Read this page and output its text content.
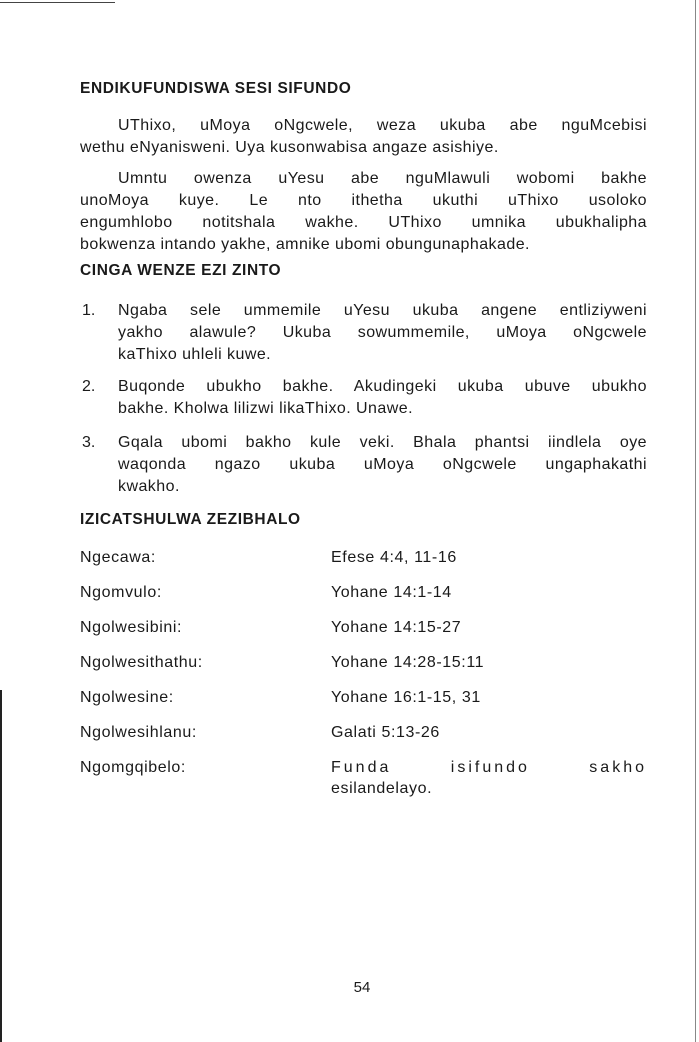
ENDIKUFUNDISWA SESI SIFUNDO
UThixo, uMoya oNgcwele, weza ukuba abe nguMcebisi
wethu eNyanisweni. Uya kusonwabisa angaze asishiye.
Umntu owenza uYesu abe nguMlawuli wobomi bakhe
unoMoya kuye. Le nto ithetha ukuthi uThixo usoloko
engumhlobo notitshala wakhe. UThixo umnika ubukhalipha
bokwenza intando yakhe, amnike ubomi obungunaphakade.
CINGA WENZE EZI ZINTO
1. Ngaba sele ummemile uYesu ukuba angene entliziyweni
yakho alawule? Ukuba sowummemile, uMoya oNgcwele
kaThixo uhleli kuwe.
2. Buqonde ubukho bakhe. Akudingeki ukuba ubuve ubukho
bakhe. Kholwa lilizwi likaThixo. Unawe.
3. Gqala ubomi bakho kule veki. Bhala phantsi iindlela oye
waqonda ngazo ukuba uMoya oNgcwele ungaphakathi
kwakho.
IZICATSHULWA ZEZIBHALO
Ngecawa:	Efese 4:4, 11-16
Ngomvulo:	Yohane 14:1-14
Ngolwesibini:	Yohane 14:15-27
Ngolwesithathu:	Yohane 14:28-15:11
Ngolwesine:	Yohane 16:1-15, 31
Ngolwesihlanu:	Galati 5:13-26
Ngomgqibelo:	Funda isifundo sakho
esilandelayo.
54
